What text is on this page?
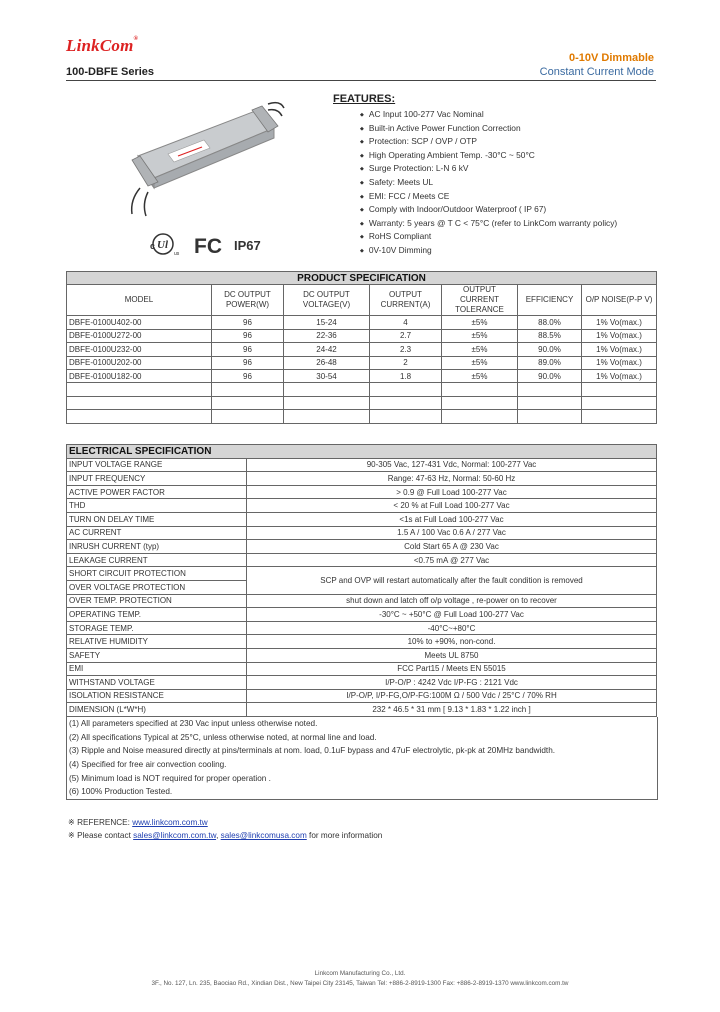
LinkCom®
0-10V Dimmable
100-DBFE Series	Constant Current Mode
c Ul
us FC IP67
FEATURES:
◆ AC Input 100-277 Vac Nominal
◆ Built-in Active Power Function Correction
◆ Protection: SCP / OVP / OTP
◆ High Operating Ambient Temp. -30°C ~ 50°C
◆ Surge Protection: L-N 6 kV
◆ Safety: Meets UL
◆ EMI: FCC / Meets CE
◆ Comply with Indoor/Outdoor Waterproof ( IP 67)
◆ Warranty: 5 years @ T C < 75°C (refer to LinkCom warranty policy)
◆ RoHS Compliant
◆ 0V-10V Dimming
PRODUCT SPECIFICATION						
MODEL	DC OUTPUT POWER(W)	DC OUTPUT VOLTAGE(V)	OUTPUT CURRENT(A)	OUTPUT CURRENT TOLERANCE	EFFICIENCY	O/P NOISE(P-P V)
DBFE-0100U402-00	96	15-24	4	±5%	88.0%	1% Vo(max.)
DBFE-0100U272-00	96	22-36	2.7	±5%	88.5%	1% Vo(max.)
DBFE-0100U232-00	96	24-42	2.3	±5%	90.0%	1% Vo(max.)
DBFE-0100U202-00	96	26-48	2	±5%	89.0%	1% Vo(max.)
DBFE-0100U182-00	96	30-54	1.8	±5%	90.0%	1% Vo(max.)

ELECTRICAL SPECIFICATION	
INPUT VOLTAGE RANGE	90-305 Vac, 127-431 Vdc, Normal: 100-277 Vac
INPUT FREQUENCY	Range: 47-63 Hz, Normal: 50-60 Hz
ACTIVE POWER FACTOR	> 0.9 @ Full Load 100-277 Vac
THD	< 20 % at Full Load 100-277 Vac
TURN ON DELAY TIME	<1s at Full Load 100-277 Vac
AC CURRENT	1.5 A / 100 Vac 0.6 A / 277 Vac
INRUSH CURRENT (typ)	Cold Start 65 A @ 230 Vac
LEAKAGE CURRENT	<0.75 mA @ 277 Vac
SHORT CIRCUIT PROTECTION	SCP and OVP will restart automatically after the fault condition is removed
OVER VOLTAGE PROTECTION	
OVER TEMP. PROTECTION	shut down and latch off o/p voltage , re-power on to recover
OPERATING TEMP.	-30°C ~ +50°C @ Full Load 100-277 Vac
STORAGE TEMP.	-40°C~+80°C
RELATIVE HUMIDITY	10% to +90%, non-cond.
SAFETY	Meets UL 8750
EMI	FCC Part15 / Meets EN 55015
WITHSTAND VOLTAGE	I/P-O/P : 4242 Vdc I/P-FG : 2121 Vdc
ISOLATION RESISTANCE	I/P-O/P, I/P-FG,O/P-FG:100M Ω / 500 Vdc / 25°C / 70% RH
DIMENSION (L*W*H)	232 * 46.5 * 31 mm [ 9.13 * 1.83 * 1.22 inch ]
(1) All parameters specified at 230 Vac input unless otherwise noted.
(2) All specifications Typical at 25°C, unless otherwise noted, at normal line and load.
(3) Ripple and Noise measured directly at pins/terminals at nom. load, 0.1uF bypass and 47uF electrolytic, pk-pk at 20MHz bandwidth.
(4) Specified for free air convection cooling.
(5) Minimum load is NOT required for proper operation .
(6) 100% Production Tested.
※ REFERENCE: www.linkcom.com.tw
※ Please contact sales@linkcom.com.tw, sales@linkcomusa.com for more information
Linkcom Manufacturing Co., Ltd.
3F., No. 127, Ln. 235, Baociao Rd., Xindian Dist., New Taipei City 23145, Taiwan Tel: +886-2-8919-1300 Fax: +886-2-8919-1370 www.linkcom.com.tw
